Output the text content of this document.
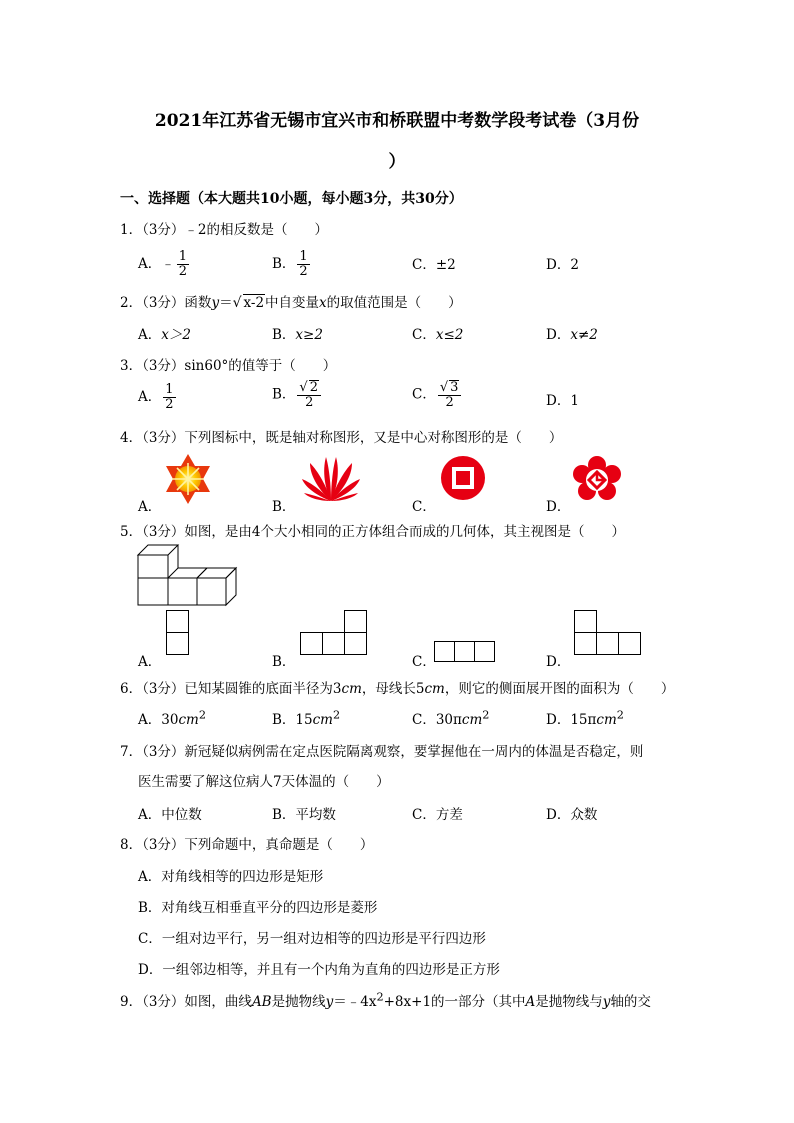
2021年江苏省无锡市宜兴市和桥联盟中考数学段考试卷（3月份
）
一、选择题（本大题共10小题，每小题3分，共30分）
1．（3分）﹣2的相反数是（　　）
A．﹣ $\frac{1}{2}$	B． $\frac{1}{2}$	C．±2	D．2
2．（3分）函数y＝√ x-2中自变量x的取值范围是（　　）
A．x＞2	B．x≥2	C．x≤2	D．x≠2
3．（3分）sin60°的值等于（　　）
A． $\frac{1}{2}$	B． $\frac{√ 2}{2}$	C． $\frac{√ 3}{2}$	D．1
4．（3分）下列图标中，既是轴对称图形，又是中心对称图形的是（　　）
A．	B．	C．	D．
5．（3分）如图，是由4个大小相同的正方体组合而成的几何体，其主视图是（　　）
A．	B．	C．	D．
6．（3分）已知某圆锥的底面半径为3cm，母线长5cm，则它的侧面展开图的面积为（　　）
A．$30cm^2$	B．$15cm^2$	C．30πcm$^2$	D．15πcm$^2$
7．（3分）新冠疑似病例需在定点医院隔离观察，要掌握他在一周内的体温是否稳定，则
医生需要了解这位病人7天体温的（　　）
A．中位数	B．平均数	C．方差	D．众数
8．（3分）下列命题中，真命题是（　　）
A．对角线相等的四边形是矩形
B．对角线互相垂直平分的四边形是菱形
C．一组对边平行，另一组对边相等的四边形是平行四边形
D．一组邻边相等，并且有一个内角为直角的四边形是正方形
9．（3分）如图，曲线AB是抛物线$y=﹣4x^2+8x+1$的一部分（其中A是抛物线与y轴的交
